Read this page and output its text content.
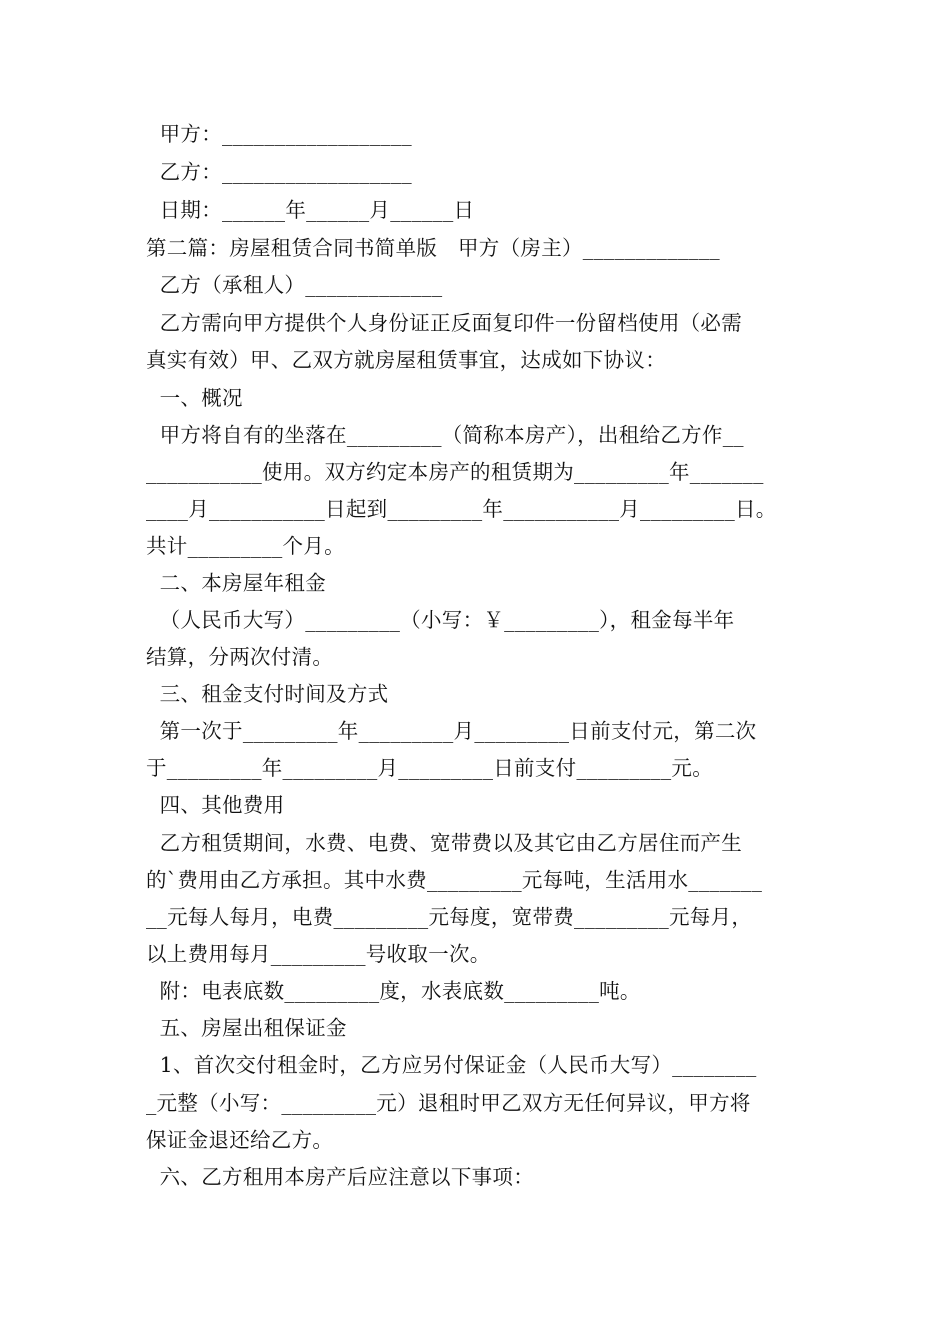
甲方：__________________
乙方：__________________
日期：______年______月______日
第二篇：房屋租赁合同书简单版　甲方（房主）_____________
乙方（承租人）_____________
乙方需向甲方提供个人身份证正反面复印件一份留档使用（必需
真实有效）甲、乙双方就房屋租赁事宜，达成如下协议：
一、概况
甲方将自有的坐落在_________（简称本房产），出租给乙方作__
___________使用。双方约定本房产的租赁期为_________年_______
____月___________日起到_________年___________月_________日。
共计_________个月。
二、本房屋年租金
（人民币大写）_________（小写：￥_________），租金每半年
结算，分两次付清。
三、租金支付时间及方式
第一次于_________年_________月_________日前支付元，第二次
于_________年_________月_________日前支付_________元。
四、其他费用
乙方租赁期间，水费、电费、宽带费以及其它由乙方居住而产生
的`费用由乙方承担。其中水费_________元每吨，生活用水_______
__元每人每月，电费_________元每度，宽带费_________元每月，
以上费用每月_________号收取一次。
附：电表底数_________度，水表底数_________吨。
五、房屋出租保证金
1、首次交付租金时，乙方应另付保证金（人民币大写）________
_元整（小写：_________元）退租时甲乙双方无任何异议，甲方将
保证金退还给乙方。
六、乙方租用本房产后应注意以下事项：
